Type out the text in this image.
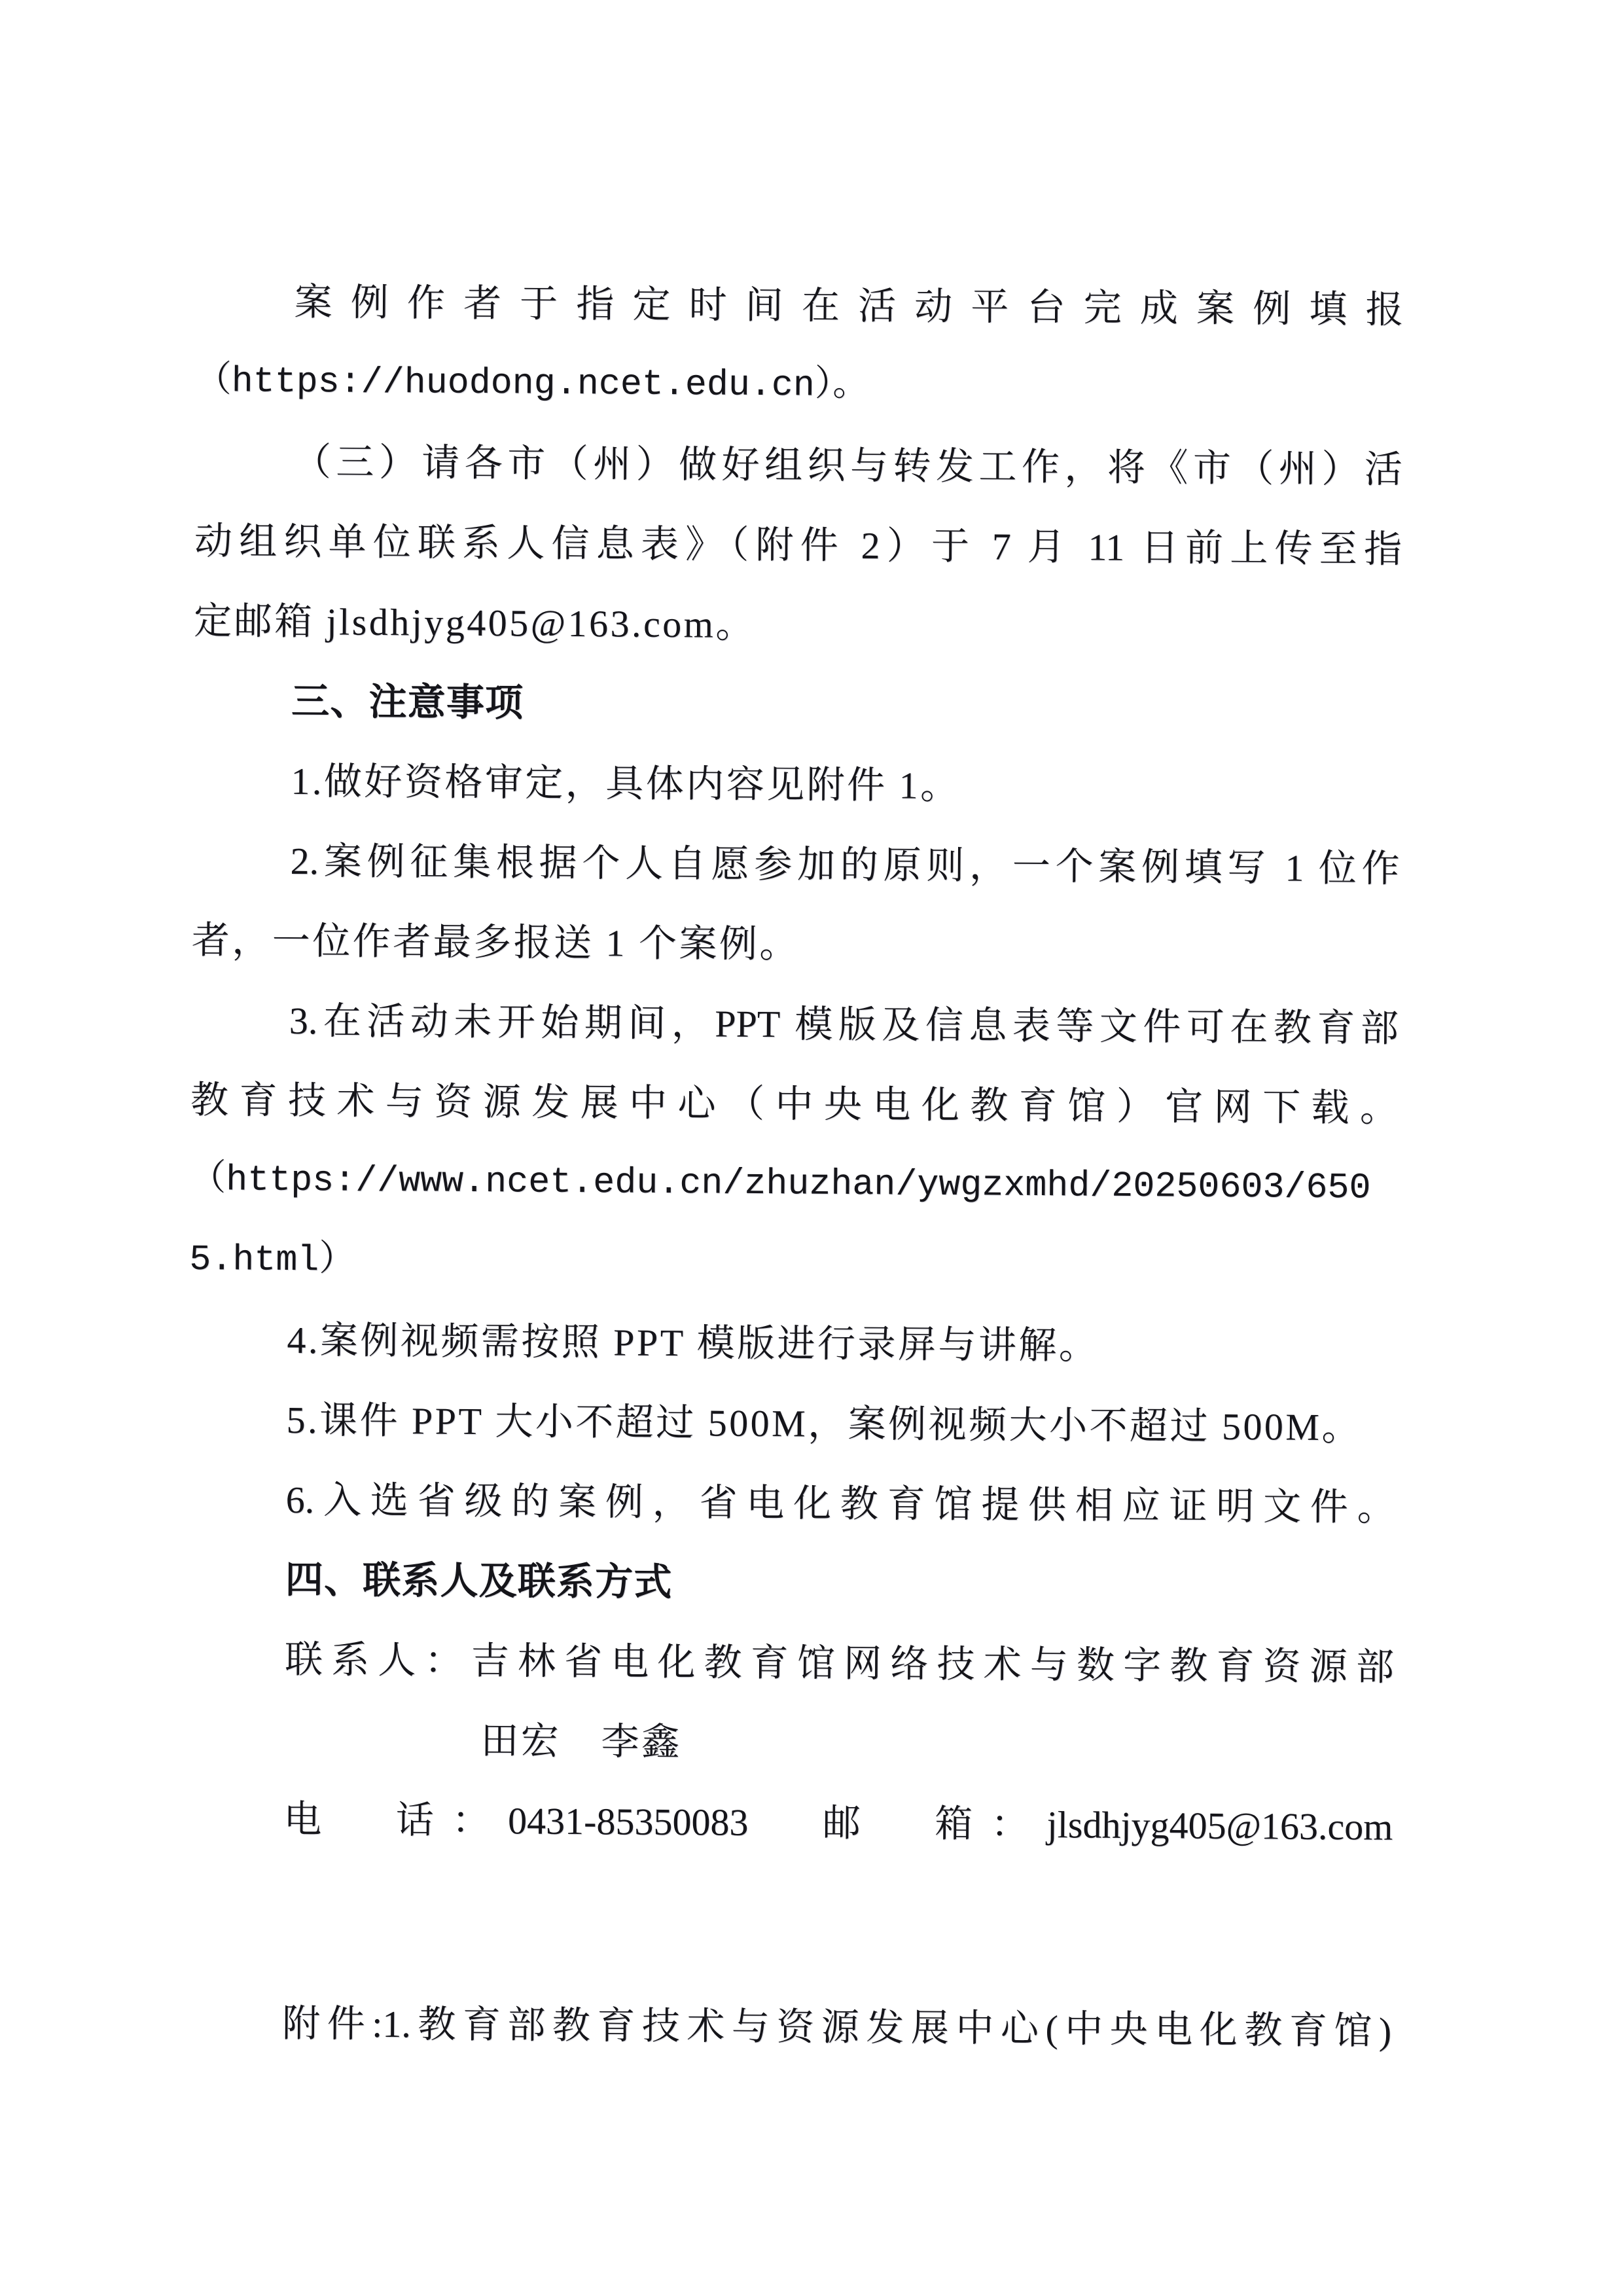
案例作者于指定时间在活动平台完成案例填报
（https://huodong.ncet.edu.cn）。
（三）请各市（州）做好组织与转发工作，将《市（州）活
动组织单位联系人信息表》（附件 2）于 7 月 11 日前上传至指
定邮箱 jlsdhjyg405@163.com。
三、注意事项
1.做好资格审定，具体内容见附件 1。
2.案例征集根据个人自愿参加的原则，一个案例填写 1 位作
者，一位作者最多报送 1 个案例。
3.在活动未开始期间，PPT 模版及信息表等文件可在教育部
教育技术与资源发展中心（中央电化教育馆）官网下载。
（https://www.ncet.edu.cn/zhuzhan/ywgzxmhd/20250603/650
5.html）
4.案例视频需按照 PPT 模版进行录屏与讲解。
5.课件 PPT 大小不超过 500M，案例视频大小不超过 500M。
6.入选省级的案例，省电化教育馆提供相应证明文件。
四、联系人及联系方式
联系人：吉林省电化教育馆网络技术与数字教育资源部
田宏　李鑫
电　话：0431-85350083　邮　箱：jlsdhjyg405@163.com
附件:1.教育部教育技术与资源发展中心(中央电化教育馆)
